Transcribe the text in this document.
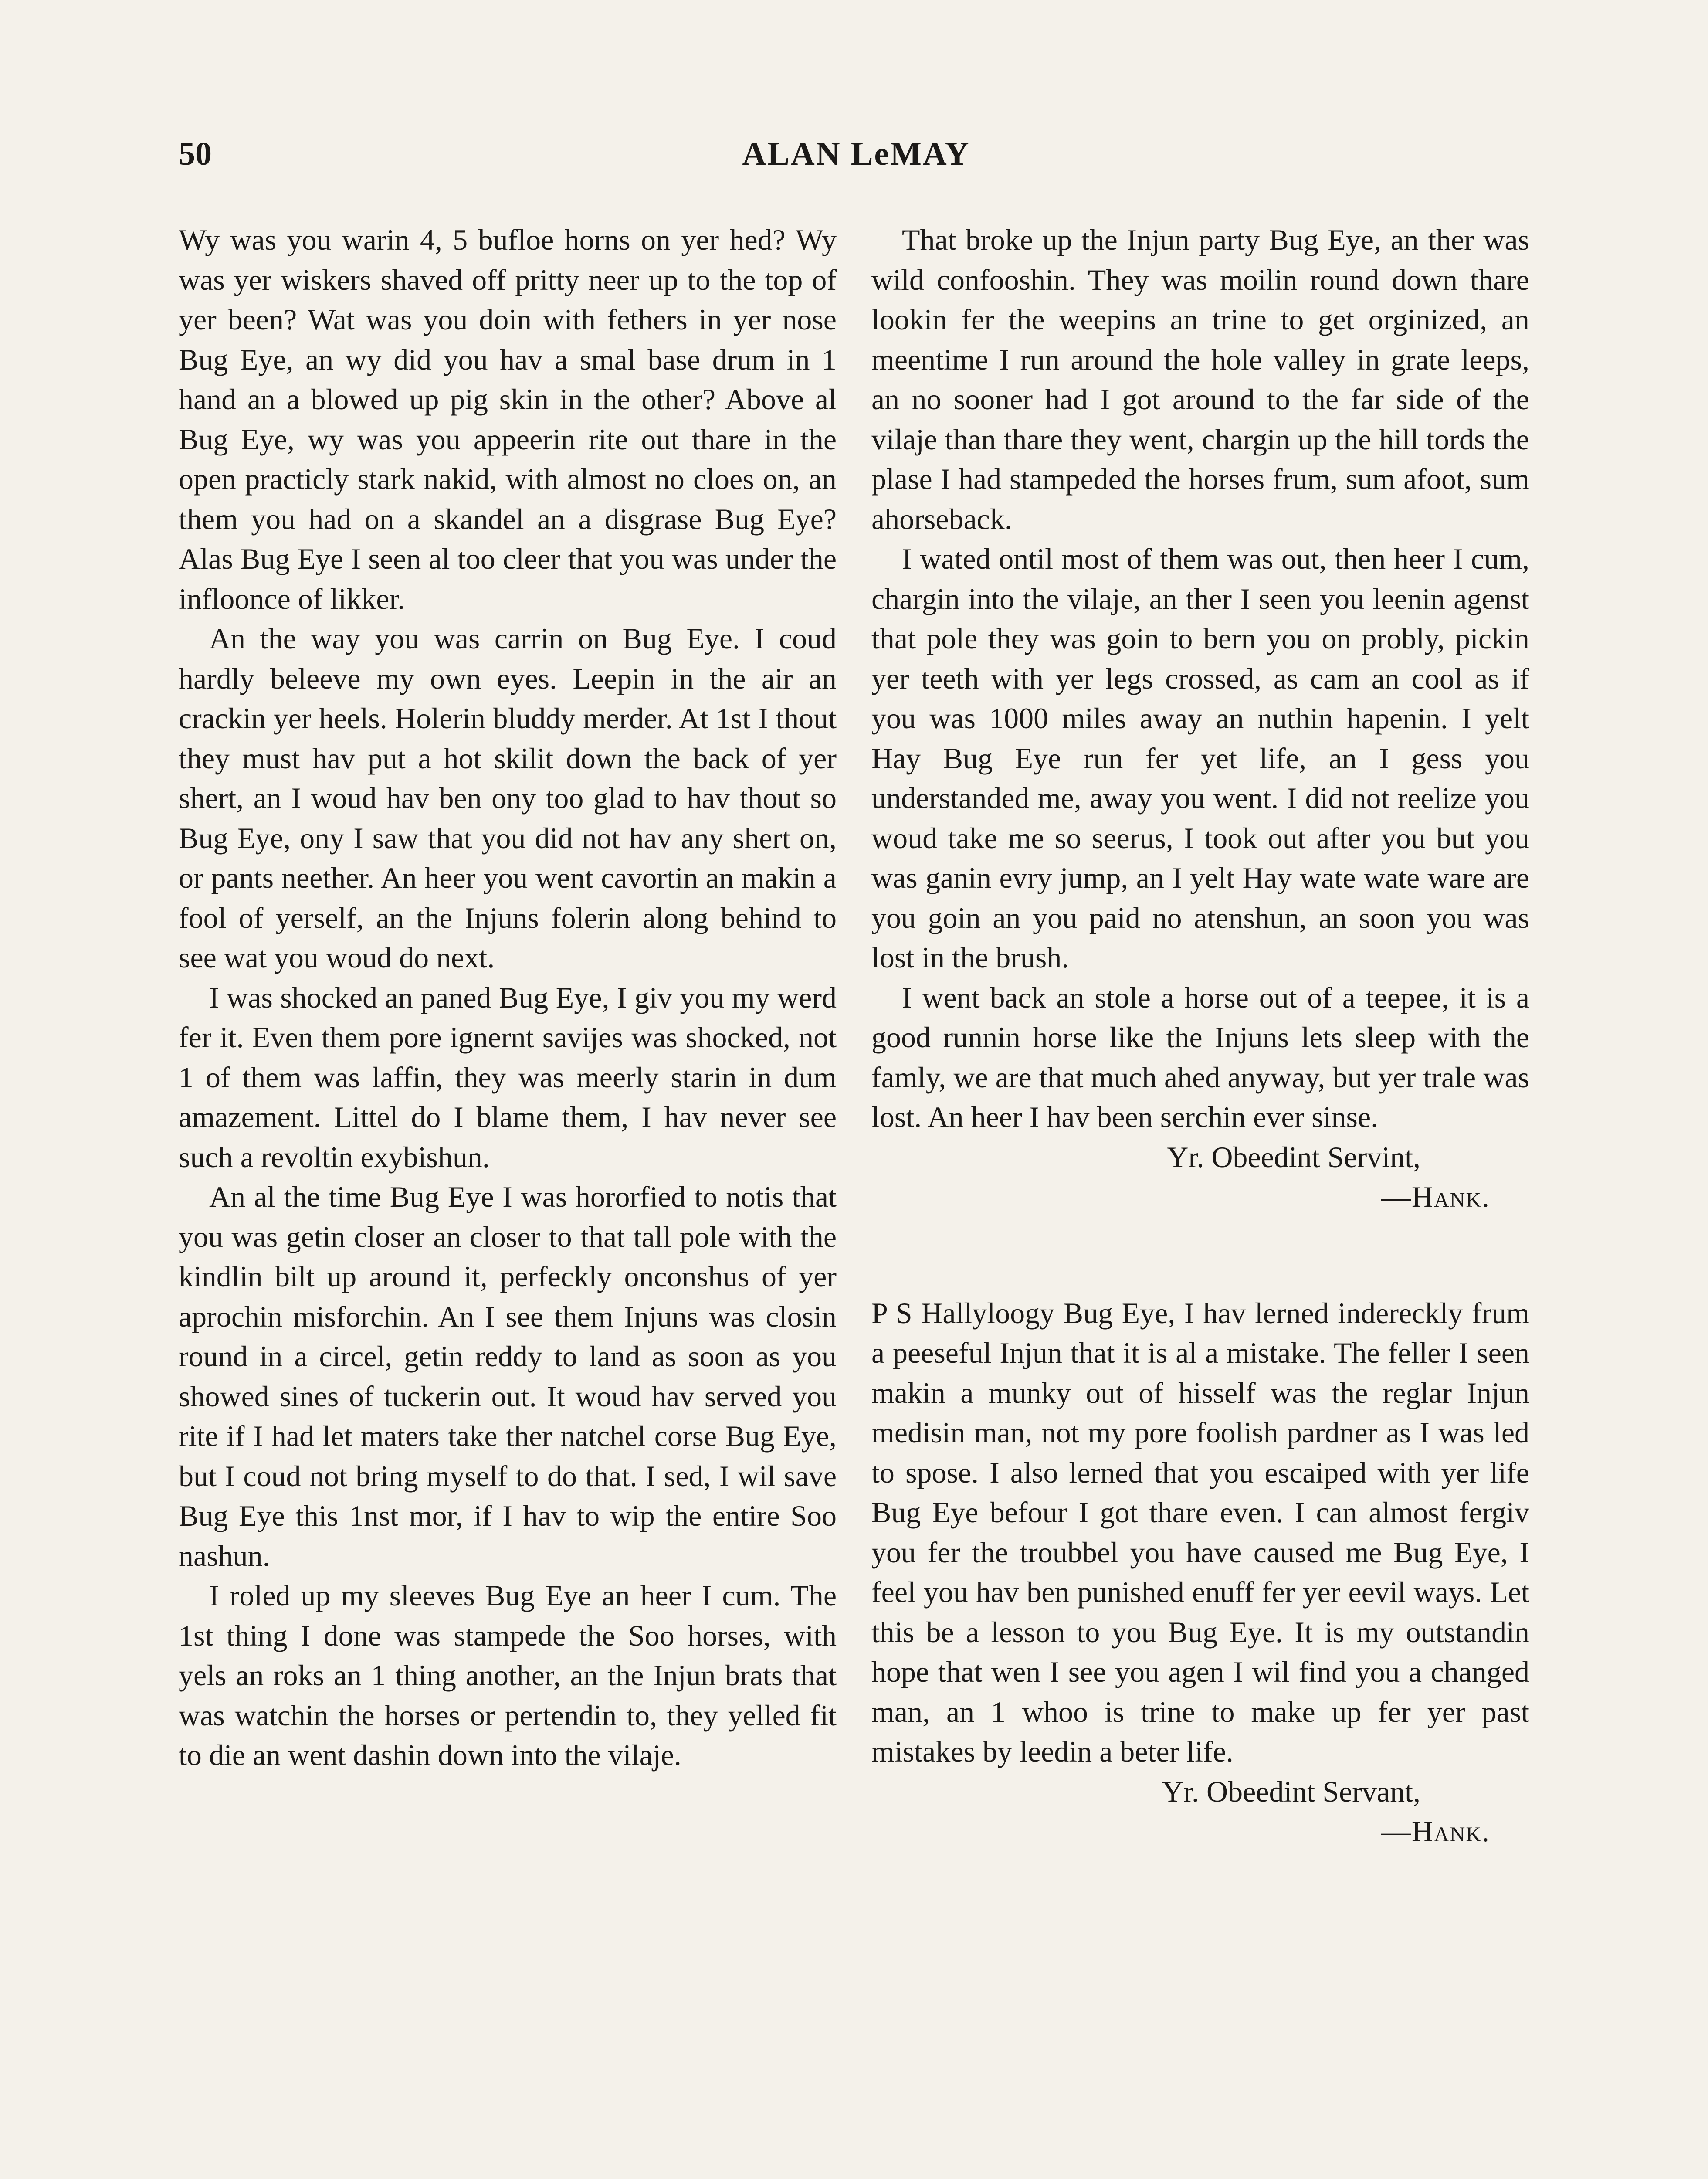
50	ALAN LeMAY

Wy was you warin 4, 5 bufloe horns on yer hed? Wy was yer wiskers shaved off pritty neer up to the top of yer been? Wat was you doin with fethers in yer nose Bug Eye, an wy did you hav a smal base drum in 1 hand an a blowed up pig skin in the other? Above al Bug Eye, wy was you appeerin rite out thare in the open practicly stark nakid, with almost no cloes on, an them you had on a skandel an a disgrase Bug Eye? Alas Bug Eye I seen al too cleer that you was under the infloonce of likker.

An the way you was carrin on Bug Eye. I coud hardly beleeve my own eyes. Leepin in the air an crackin yer heels. Holerin bluddy merder. At 1st I thout they must hav put a hot skilit down the back of yer shert, an I woud hav ben ony too glad to hav thout so Bug Eye, ony I saw that you did not hav any shert on, or pants neether. An heer you went cavortin an makin a fool of yerself, an the Injuns folerin along behind to see wat you woud do next.

I was shocked an paned Bug Eye, I giv you my werd fer it. Even them pore ignernt savijes was shocked, not 1 of them was laffin, they was meerly starin in dum amazement. Littel do I blame them, I hav never see such a revoltin exybishun.

An al the time Bug Eye I was hororfied to notis that you was getin closer an closer to that tall pole with the kindlin bilt up around it, perfeckly onconshus of yer aprochin misforchin. An I see them Injuns was closin round in a circel, getin reddy to land as soon as you showed sines of tuckerin out. It woud hav served you rite if I had let maters take ther natchel corse Bug Eye, but I coud not bring myself to do that. I sed, I wil save Bug Eye this 1nst mor, if I hav to wip the entire Soo nashun.

I roled up my sleeves Bug Eye an heer I cum. The 1st thing I done was stampede the Soo horses, with yels an roks an 1 thing another, an the Injun brats that was watchin the horses or pertendin to, they yelled fit to die an went dashin down into the vilaje.

That broke up the Injun party Bug Eye, an ther was wild confooshin. They was moilin round down thare lookin fer the weepins an trine to get orginized, an meentime I run around the hole valley in grate leeps, an no sooner had I got around to the far side of the vilaje than thare they went, chargin up the hill tords the plase I had stampeded the horses frum, sum afoot, sum ahorseback.

I wated ontil most of them was out, then heer I cum, chargin into the vilaje, an ther I seen you leenin agenst that pole they was goin to bern you on probly, pickin yer teeth with yer legs crossed, as cam an cool as if you was 1000 miles away an nuthin hapenin. I yelt Hay Bug Eye run fer yet life, an I gess you understanded me, away you went. I did not reelize you woud take me so seerus, I took out after you but you was ganin evry jump, an I yelt Hay wate wate ware are you goin an you paid no atenshun, an soon you was lost in the brush.

I went back an stole a horse out of a teepee, it is a good runnin horse like the Injuns lets sleep with the famly, we are that much ahed anyway, but yer trale was lost. An heer I hav been serchin ever sinse.

Yr. Obeedint Servint,
—Hank.

P S Hallyloogy Bug Eye, I hav lerned indereckly frum a peeseful Injun that it is al a mistake. The feller I seen makin a munky out of hisself was the reglar Injun medisin man, not my pore foolish pardner as I was led to spose. I also lerned that you escaiped with yer life Bug Eye befour I got thare even. I can almost fergiv you fer the troubbel you have caused me Bug Eye, I feel you hav ben punished enuff fer yer eevil ways. Let this be a lesson to you Bug Eye. It is my outstandin hope that wen I see you agen I wil find you a changed man, an 1 whoo is trine to make up fer yer past mistakes by leedin a beter life.

Yr. Obeedint Servant,
—Hank.
